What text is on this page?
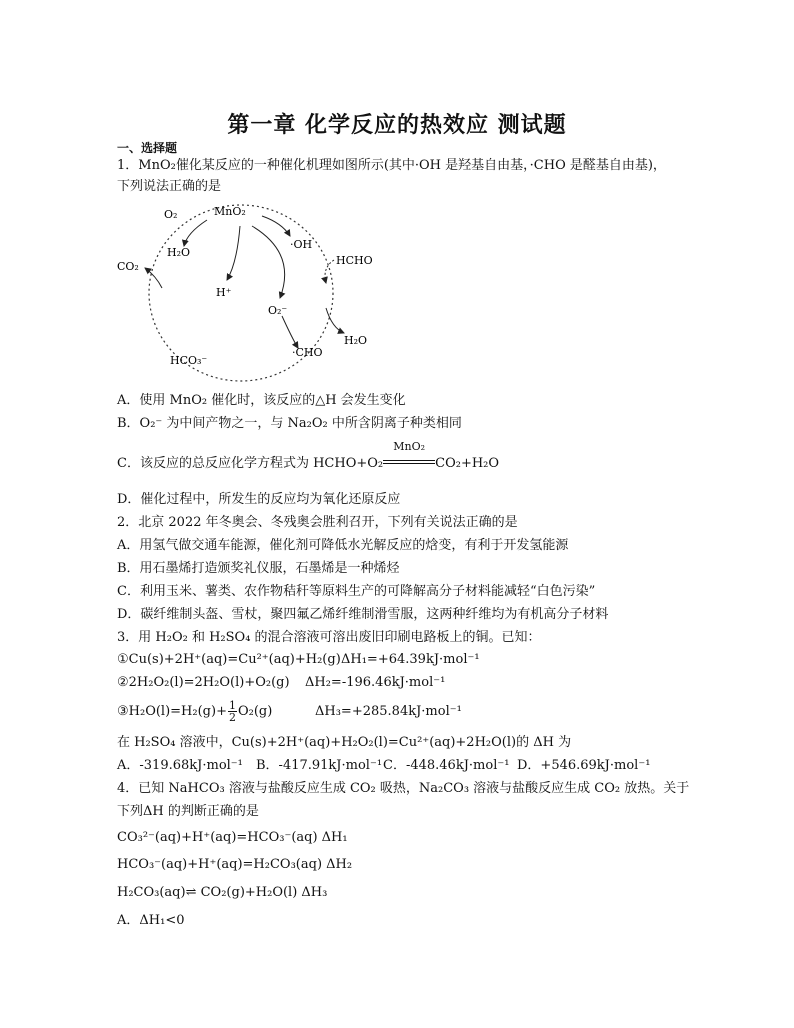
第一章 化学反应的热效应 测试题
一、选择题
1．MnO₂催化某反应的一种催化机理如图所示(其中·OH 是羟基自由基，·CHO 是醛基自由基)，
下列说法正确的是
O₂	MnO₂
·OH
H₂O
HCHO
CO₂
H⁺
O₂⁻
H₂O
HCO₃⁻
·CHO
A．使用 MnO₂ 催化时，该反应的△H 会发生变化
B．O₂⁻ 为中间产物之一，与 Na₂O₂ 中所含阴离子种类相同
C．该反应的总反应化学方程式为 HCHO+O₂
MnO₂
CO₂+H₂O
D．催化过程中，所发生的反应均为氧化还原反应
2．北京 2022 年冬奥会、冬残奥会胜利召开，下列有关说法正确的是
A．用氢气做交通车能源，催化剂可降低水光解反应的焓变，有利于开发氢能源
B．用石墨烯打造颁奖礼仪服，石墨烯是一种烯烃
C．利用玉米、薯类、农作物秸秆等原料生产的可降解高分子材料能减轻“白色污染”
D．碳纤维制头盔、雪杖，聚四氟乙烯纤维制滑雪服，这两种纤维均为有机高分子材料
3．用 H₂O₂ 和 H₂SO₄ 的混合溶液可溶出废旧印刷电路板上的铜。已知：
①Cu(s)+2H⁺(aq)=Cu²⁺(aq)+H₂(g) ΔH₁=+64.39kJ·mol⁻¹
②2H₂O₂(l)=2H₂O(l)+O₂(g) ΔH₂=-196.46kJ·mol⁻¹
③H₂O(l)=H₂(g)+ $\frac{1}{2} O_2(g)$	ΔH₃=+285.84kJ·mol⁻¹
在 H₂SO₄ 溶液中，Cu(s)+2H⁺(aq)+H₂O₂(l)=Cu²⁺(aq)+2H₂O(l)的 ΔH 为
A．-319.68kJ·mol⁻¹ B．-417.91kJ·mol⁻¹ C．-448.46kJ·mol⁻¹ D．+546.69kJ·mol⁻¹
4．已知 NaHCO₃ 溶液与盐酸反应生成 CO₂ 吸热，Na₂CO₃ 溶液与盐酸反应生成 CO₂ 放热。关于
下列ΔH 的判断正确的是
CO₃²⁻(aq)+H⁺(aq)=HCO₃⁻(aq) ΔH₁
HCO₃⁻(aq)+H⁺(aq)=H₂CO₃(aq) ΔH₂
H₂CO₃(aq)⇌ CO₂(g)+H₂O(l) ΔH₃
A．ΔH₁<0
